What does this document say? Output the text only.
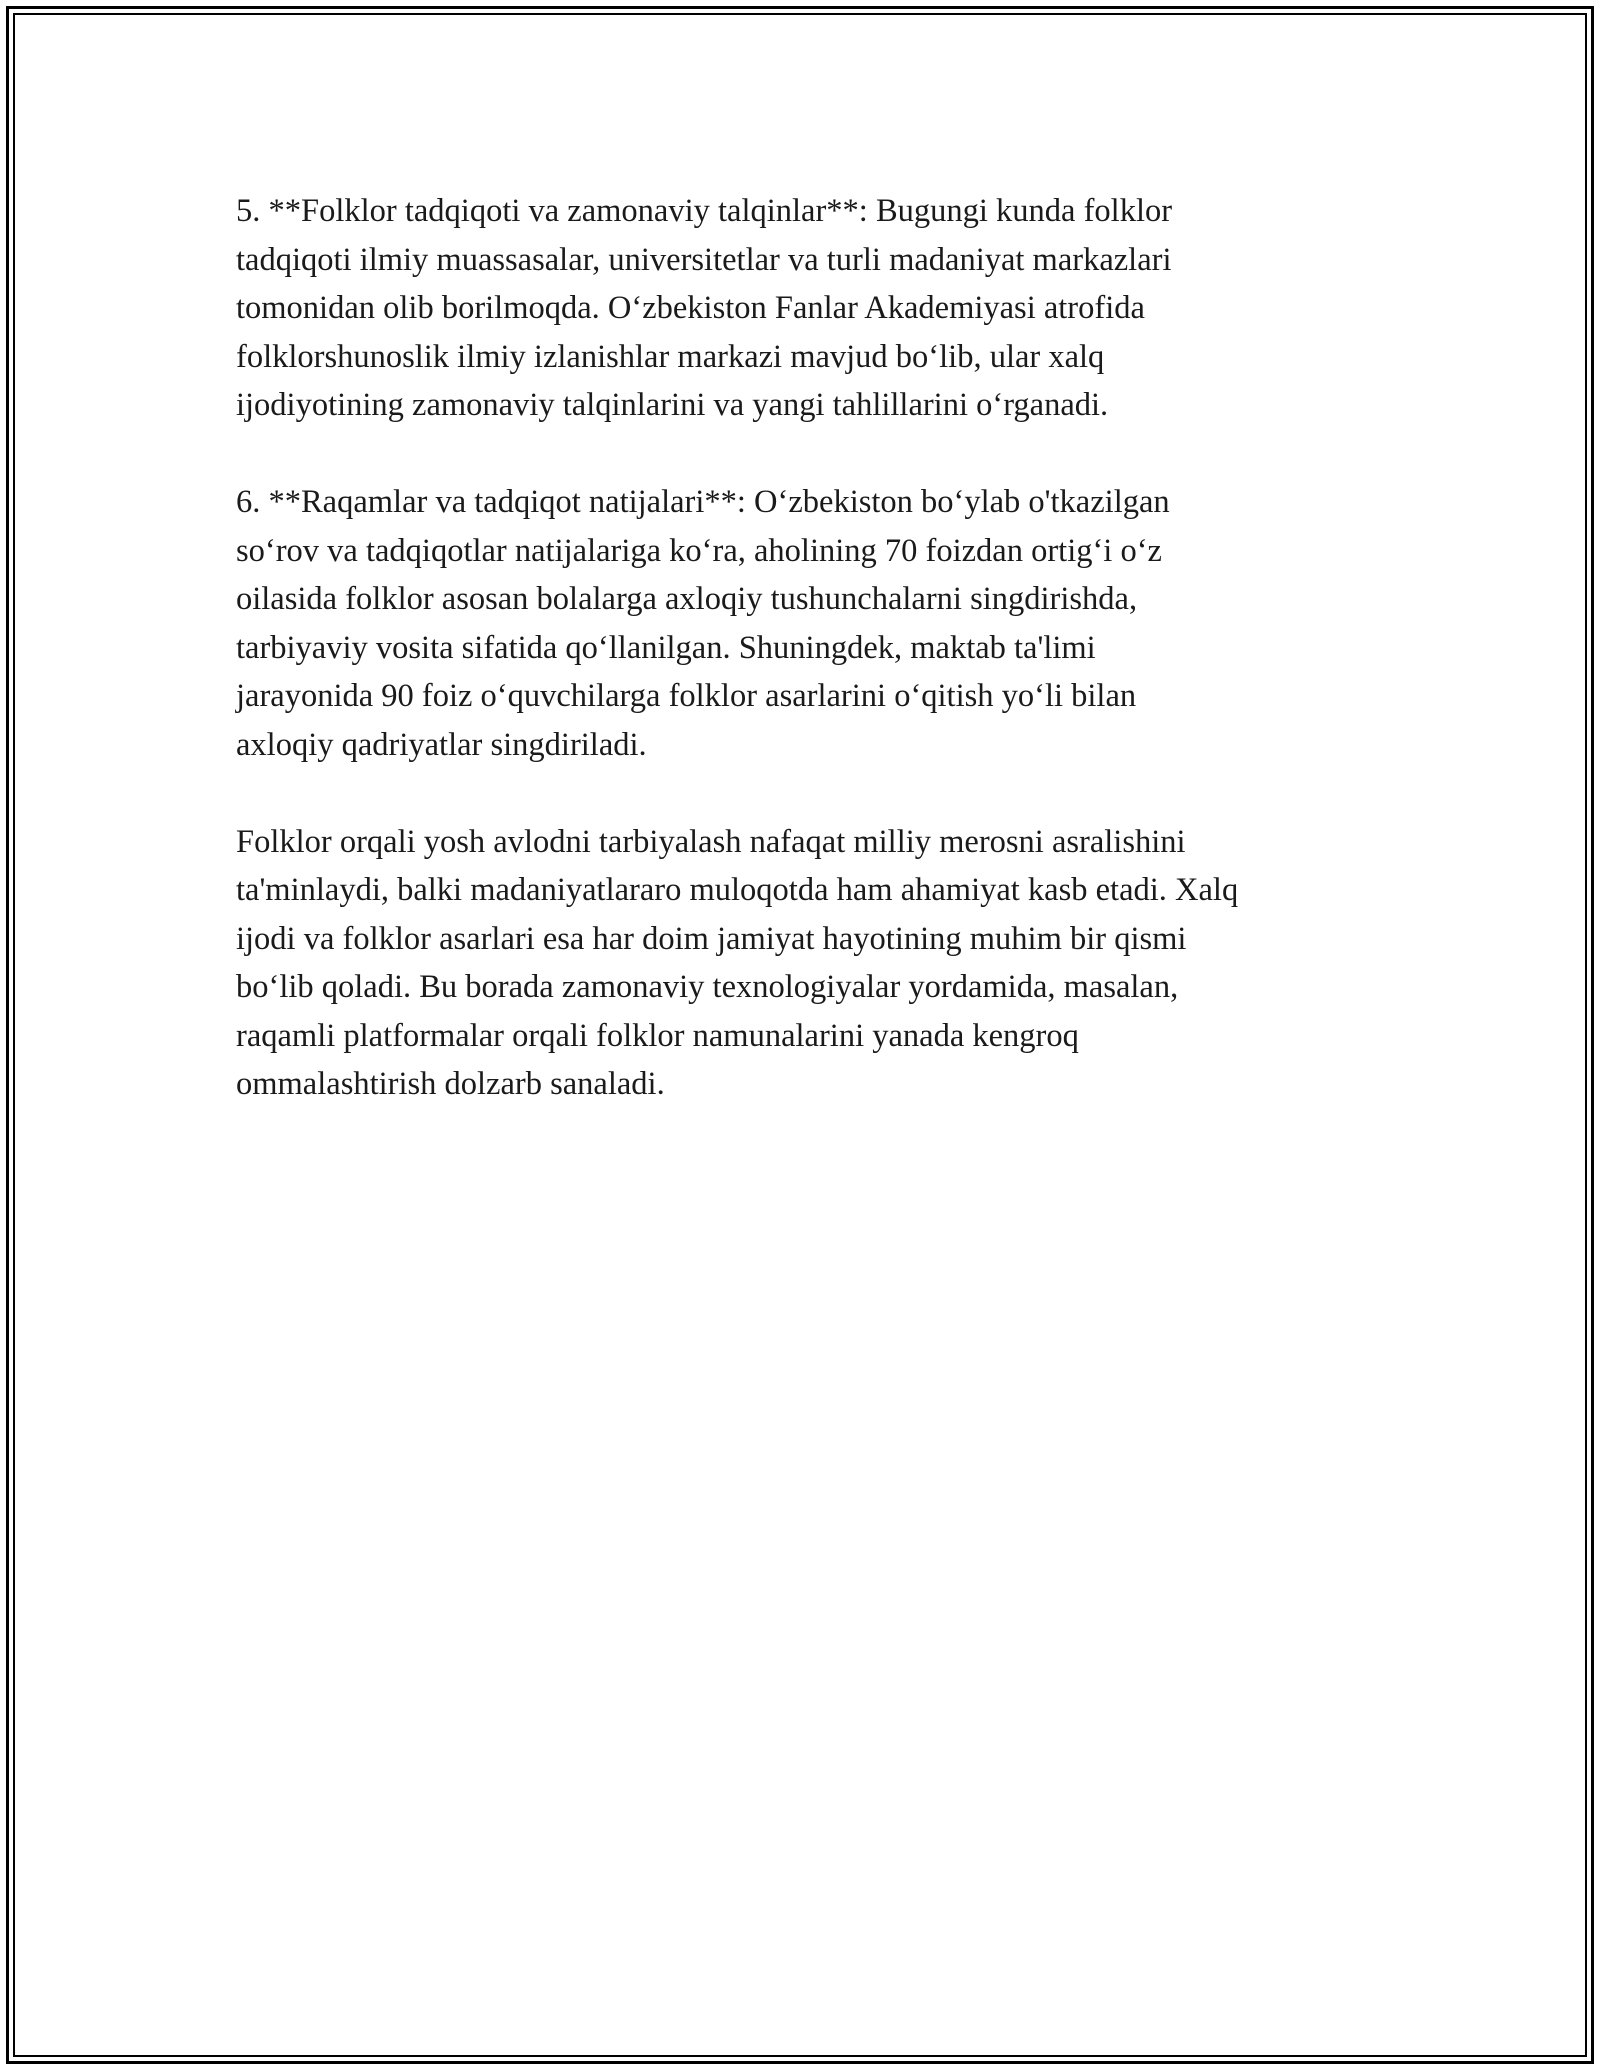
5. **Folklor tadqiqoti va zamonaviy talqinlar**: Bugungi kunda folklor
tadqiqoti ilmiy muassasalar, universitetlar va turli madaniyat markazlari
tomonidan olib borilmoqda. O‘zbekiston Fanlar Akademiyasi atrofida
folklorshunoslik ilmiy izlanishlar markazi mavjud bo‘lib, ular xalq
ijodiyotining zamonaviy talqinlarini va yangi tahlillarini o‘rganadi.

6. **Raqamlar va tadqiqot natijalari**: O‘zbekiston bo‘ylab o'tkazilgan
so‘rov va tadqiqotlar natijalariga ko‘ra, aholining 70 foizdan ortig‘i o‘z
oilasida folklor asosan bolalarga axloqiy tushunchalarni singdirishda,
tarbiyaviy vosita sifatida qo‘llanilgan. Shuningdek, maktab ta'limi
jarayonida 90 foiz o‘quvchilarga folklor asarlarini o‘qitish yo‘li bilan
axloqiy qadriyatlar singdiriladi.

Folklor orqali yosh avlodni tarbiyalash nafaqat milliy merosni asralishini
ta'minlaydi, balki madaniyatlararo muloqotda ham ahamiyat kasb etadi. Xalq
ijodi va folklor asarlari esa har doim jamiyat hayotining muhim bir qismi
bo‘lib qoladi. Bu borada zamonaviy texnologiyalar yordamida, masalan,
raqamli platformalar orqali folklor namunalarini yanada kengroq
ommalashtirish dolzarb sanaladi.
